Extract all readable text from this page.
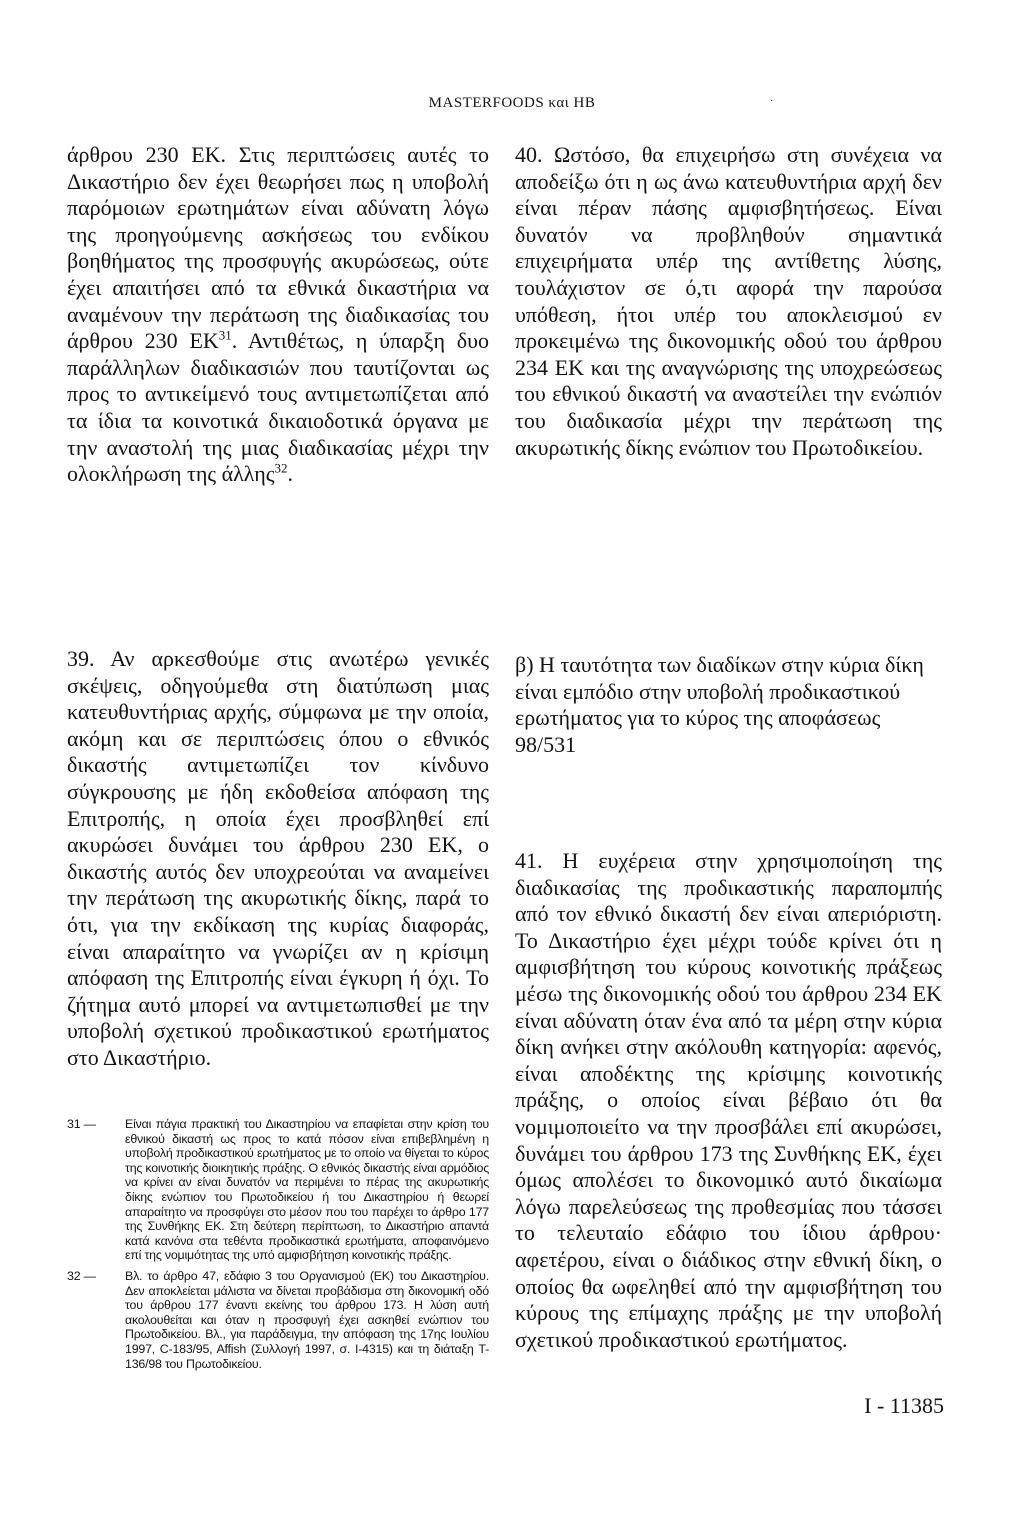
MASTERFOODS και HB	·

άρθρου 230 ΕΚ. Στις περιπτώσεις αυτές το Δικαστήριο δεν έχει θεωρήσει πως η υποβολή παρόμοιων ερωτημάτων είναι αδύνατη λόγω της προηγούμενης ασκήσεως του ενδίκου βοηθήματος της προσφυγής ακυρώσεως, ούτε έχει απαιτήσει από τα εθνικά δικαστήρια να αναμένουν την περάτωση της διαδικασίας του άρθρου 230 ΕΚ$^{31}$. Αντιθέτως, η ύπαρξη δυο παράλληλων διαδικασιών που ταυτίζονται ως προς το αντικείμενό τους αντιμετωπίζεται από τα ίδια τα κοινοτικά δικαιοδοτικά όργανα με την αναστολή της μιας διαδικασίας μέχρι την ολοκλήρωση της άλλης$^{32}$.

39. Αν αρκεσθούμε στις ανωτέρω γενικές σκέψεις, οδηγούμεθα στη διατύπωση μιας κατευθυντήριας αρχής, σύμφωνα με την οποία, ακόμη και σε περιπτώσεις όπου ο εθνικός δικαστής αντιμετωπίζει τον κίνδυνο σύγκρουσης με ήδη εκδοθείσα απόφαση της Επιτροπής, η οποία έχει προσβληθεί επί ακυρώσει δυνάμει του άρθρου 230 ΕΚ, ο δικαστής αυτός δεν υποχρεούται να αναμείνει την περάτωση της ακυρωτικής δίκης, παρά το ότι, για την εκδίκαση της κυρίας διαφοράς, είναι απαραίτητο να γνωρίζει αν η κρίσιμη απόφαση της Επιτροπής είναι έγκυρη ή όχι. Το ζήτημα αυτό μπορεί να αντιμετωπισθεί με την υποβολή σχετικού προδικαστικού ερωτήματος στο Δικαστήριο.

31 —	Είναι πάγια πρακτική του Δικαστηρίου να επαφίεται στην κρίση του εθνικού δικαστή ως προς το κατά πόσον είναι επιβεβλημένη η υποβολή προδικαστικού ερωτήματος με το οποίο να θίγεται το κύρος της κοινοτικής διοικητικής πράξης. Ο εθνικός δικαστής είναι αρμόδιος να κρίνει αν είναι δυνατόν να περιμένει το πέρας της ακυρωτικής δίκης ενώπιον του Πρωτοδικείου ή του Δικαστηρίου ή θεωρεί απαραίτητο να προσφύγει στο μέσον που του παρέχει το άρθρο 177 της Συνθήκης ΕΚ. Στη δεύτερη περίπτωση, το Δικαστήριο απαντά κατά κανόνα στα τεθέντα προδικαστικά ερωτήματα, αποφαινόμενο επί της νομιμότητας της υπό αμφισβήτηση κοινοτικής πράξης.
32 —	Βλ. το άρθρο 47, εδάφιο 3 του Οργανισμού (ΕΚ) του Δικαστηρίου. Δεν αποκλείεται μάλιστα να δίνεται προβάδισμα στη δικονομική οδό του άρθρου 177 έναντι εκείνης του άρθρου 173. Η λύση αυτή ακολουθείται και όταν η προσφυγή έχει ασκηθεί ενώπιον του Πρωτοδικείου. Βλ., για παράδειγμα, την απόφαση της 17ης Ιουλίου 1997, C-183/95, Affish (Συλλογή 1997, σ. I-4315) και τη διάταξη T-136/98 του Πρωτοδικείου.

40. Ωστόσο, θα επιχειρήσω στη συνέχεια να αποδείξω ότι η ως άνω κατευθυντήρια αρχή δεν είναι πέραν πάσης αμφισβητήσεως. Είναι δυνατόν να προβληθούν σημαντικά επιχειρήματα υπέρ της αντίθετης λύσης, τουλάχιστον σε ό,τι αφορά την παρούσα υπόθεση, ήτοι υπέρ του αποκλεισμού εν προκειμένω της δικονομικής οδού του άρθρου 234 ΕΚ και της αναγνώρισης της υποχρεώσεως του εθνικού δικαστή να αναστείλει την ενώπιόν του διαδικασία μέχρι την περάτωση της ακυρωτικής δίκης ενώπιον του Πρωτοδικείου.

β) Η ταυτότητα των διαδίκων στην κύρια δίκη είναι εμπόδιο στην υποβολή προδικαστικού ερωτήματος για το κύρος της αποφάσεως 98/531

41. Η ευχέρεια στην χρησιμοποίηση της διαδικασίας της προδικαστικής παραπομπής από τον εθνικό δικαστή δεν είναι απεριόριστη. Το Δικαστήριο έχει μέχρι τούδε κρίνει ότι η αμφισβήτηση του κύρους κοινοτικής πράξεως μέσω της δικονομικής οδού του άρθρου 234 ΕΚ είναι αδύνατη όταν ένα από τα μέρη στην κύρια δίκη ανήκει στην ακόλουθη κατηγορία: αφενός, είναι αποδέκτης της κρίσιμης κοινοτικής πράξης, ο οποίος είναι βέβαιο ότι θα νομιμοποιείτο να την προσβάλει επί ακυρώσει, δυνάμει του άρθρου 173 της Συνθήκης ΕΚ, έχει όμως απολέσει το δικονομικό αυτό δικαίωμα λόγω παρελεύσεως της προθεσμίας που τάσσει το τελευταίο εδάφιο του ίδιου άρθρου· αφετέρου, είναι ο διάδικος στην εθνική δίκη, ο οποίος θα ωφεληθεί από την αμφισβήτηση του κύρους της επίμαχης πράξης με την υποβολή σχετικού προδικαστικού ερωτήματος.

I - 11385
